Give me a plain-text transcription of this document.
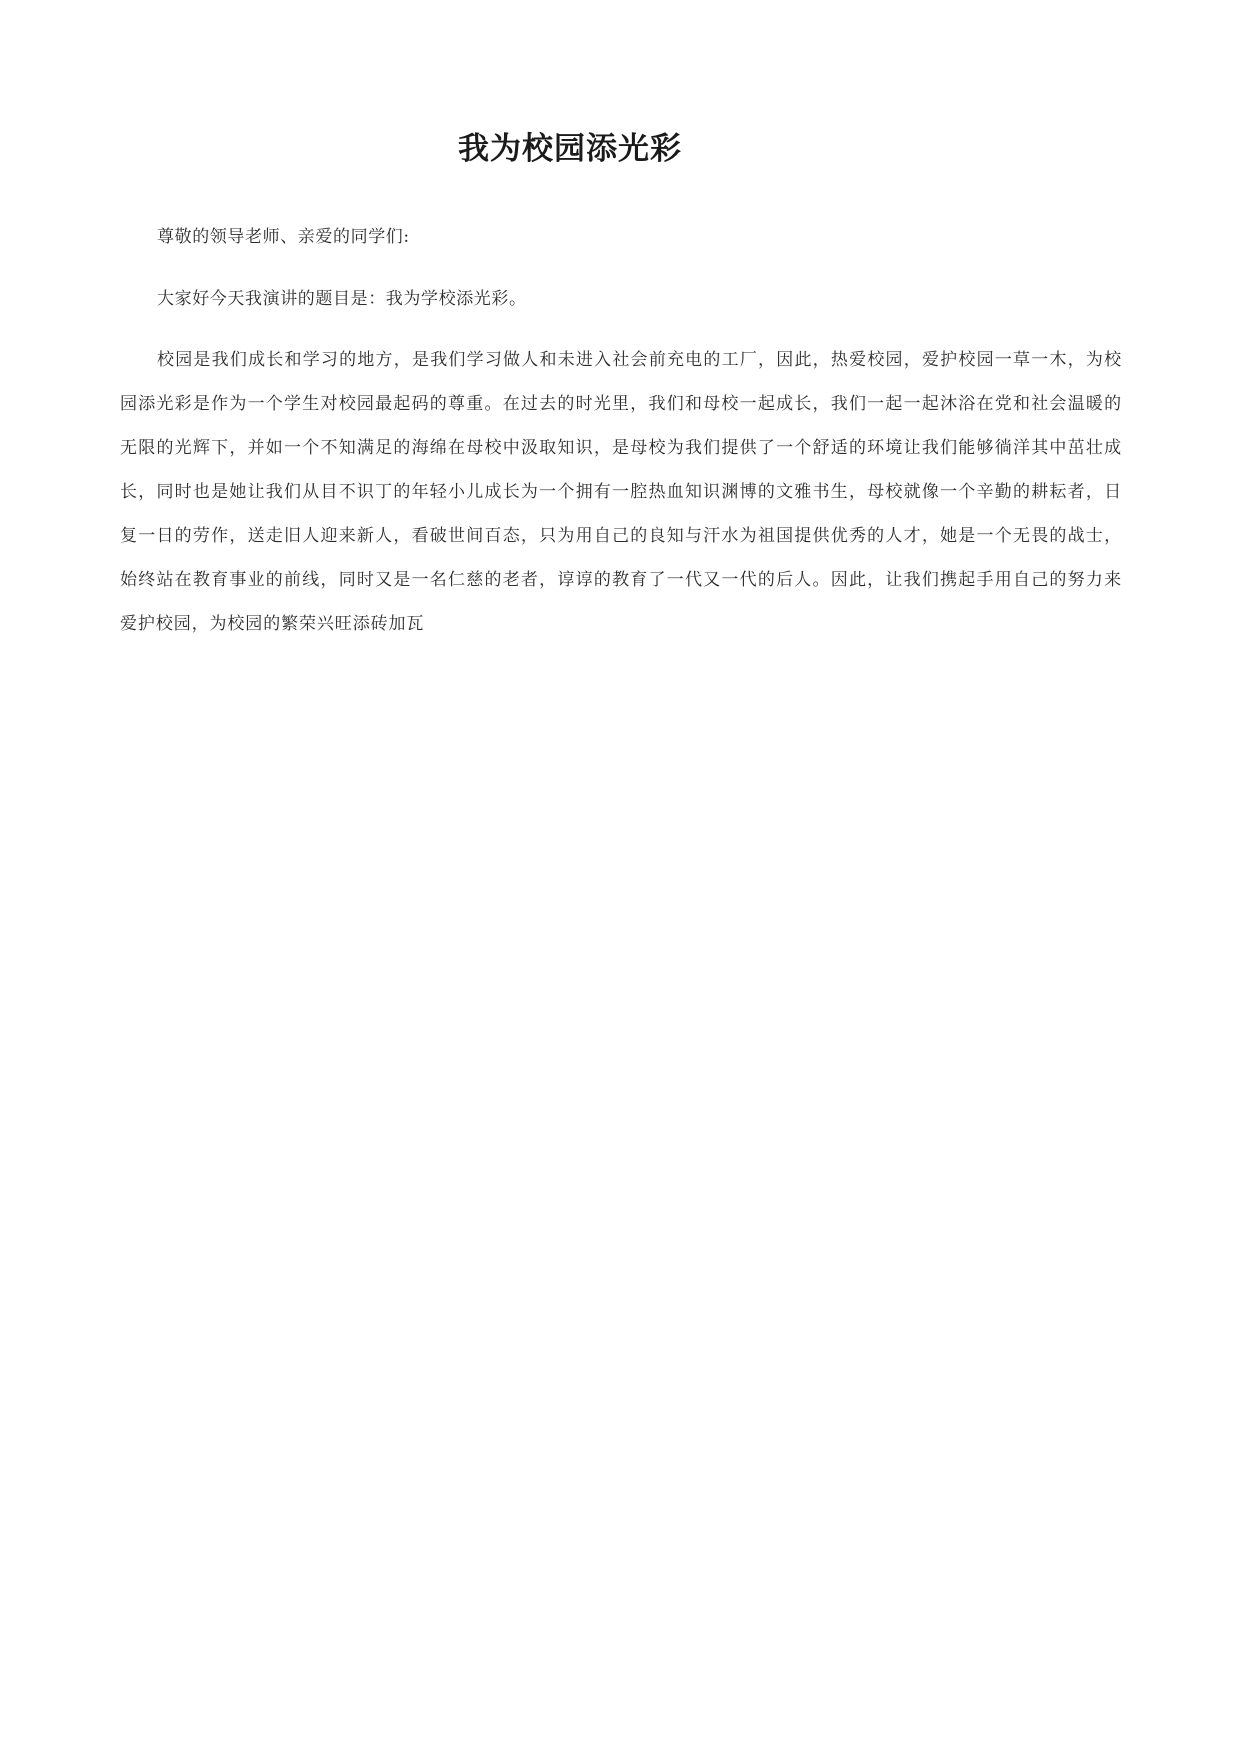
我为校园添光彩

尊敬的领导老师、亲爱的同学们:

大家好今天我演讲的题目是：我为学校添光彩。

校园是我们成长和学习的地方，是我们学习做人和未进入社会前充电的工厂，因此，热爱校园，爱护校园一草一木，为校园添光彩是作为一个学生对校园最起码的尊重。在过去的时光里，我们和母校一起成长，我们一起一起沐浴在党和社会温暖的无限的光辉下，并如一个不知满足的海绵在母校中汲取知识，是母校为我们提供了一个舒适的环境让我们能够徜洋其中茁壮成长，同时也是她让我们从目不识丁的年轻小儿成长为一个拥有一腔热血知识渊博的文雅书生，母校就像一个辛勤的耕耘者，日复一日的劳作，送走旧人迎来新人，看破世间百态，只为用自己的良知与汗水为祖国提供优秀的人才，她是一个无畏的战士，始终站在教育事业的前线，同时又是一名仁慈的老者，谆谆的教育了一代又一代的后人。因此，让我们携起手用自己的努力来爱护校园，为校园的繁荣兴旺添砖加瓦
